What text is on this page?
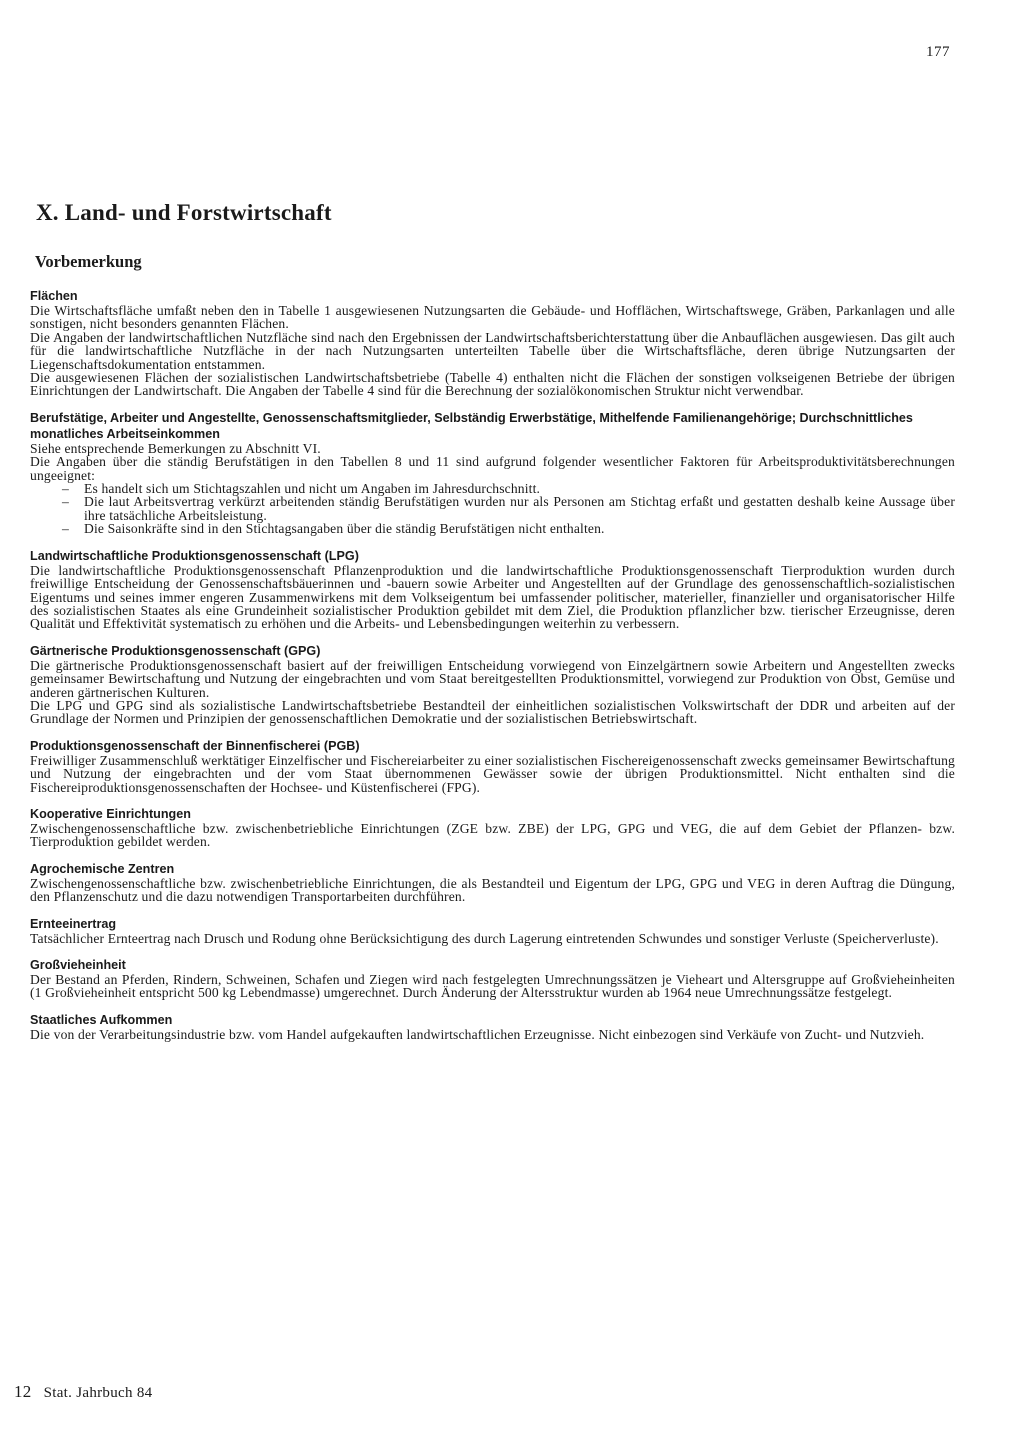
177
X. Land- und Forstwirtschaft
Vorbemerkung
Flächen

Die Wirtschaftsfläche umfaßt neben den in Tabelle 1 ausgewiesenen Nutzungsarten die Gebäude- und Hofflächen, Wirtschaftswege, Gräben, Parkanlagen und alle sonstigen, nicht besonders genannten Flächen.

Die Angaben der landwirtschaftlichen Nutzfläche sind nach den Ergebnissen der Landwirtschaftsberichterstattung über die Anbauflächen ausgewiesen. Das gilt auch für die landwirtschaftliche Nutzfläche in der nach Nutzungsarten unterteilten Tabelle über die Wirtschaftsfläche, deren übrige Nutzungsarten der Liegenschaftsdokumentation entstammen.

Die ausgewiesenen Flächen der sozialistischen Landwirtschaftsbetriebe (Tabelle 4) enthalten nicht die Flächen der sonstigen volkseigenen Betriebe der übrigen Einrichtungen der Landwirtschaft. Die Angaben der Tabelle 4 sind für die Berechnung der sozialökonomischen Struktur nicht verwendbar.

Berufstätige, Arbeiter und Angestellte, Genossenschaftsmitglieder, Selbständig Erwerbstätige, Mithelfende Familienangehörige; Durchschnittliches monatliches Arbeitseinkommen

Siehe entsprechende Bemerkungen zu Abschnitt VI.

Die Angaben über die ständig Berufstätigen in den Tabellen 8 und 11 sind aufgrund folgender wesentlicher Faktoren für Arbeitsproduktivitätsberechnungen ungeeignet:

– Es handelt sich um Stichtagszahlen und nicht um Angaben im Jahresdurchschnitt.
– Die laut Arbeitsvertrag verkürzt arbeitenden ständig Berufstätigen wurden nur als Personen am Stichtag erfaßt und gestatten deshalb keine Aussage über ihre tatsächliche Arbeitsleistung.
– Die Saisonkräfte sind in den Stichtagsangaben über die ständig Berufstätigen nicht enthalten.
Landwirtschaftliche Produktionsgenossenschaft (LPG)

Die landwirtschaftliche Produktionsgenossenschaft Pflanzenproduktion und die landwirtschaftliche Produktionsgenossenschaft Tierproduktion wurden durch freiwillige Entscheidung der Genossenschaftsbäuerinnen und -bauern sowie Arbeiter und Angestellten auf der Grundlage des genossenschaftlich-sozialistischen Eigentums und seines immer engeren Zusammenwirkens mit dem Volkseigentum bei umfassender politischer, materieller, finanzieller und organisatorischer Hilfe des sozialistischen Staates als eine Grundeinheit sozialistischer Produktion gebildet mit dem Ziel, die Produktion pflanzlicher bzw. tierischer Erzeugnisse, deren Qualität und Effektivität systematisch zu erhöhen und die Arbeits- und Lebensbedingungen weiterhin zu verbessern.

Gärtnerische Produktionsgenossenschaft (GPG)

Die gärtnerische Produktionsgenossenschaft basiert auf der freiwilligen Entscheidung vorwiegend von Einzelgärtnern sowie Arbeitern und Angestellten zwecks gemeinsamer Bewirtschaftung und Nutzung der eingebrachten und vom Staat bereitgestellten Produktionsmittel, vorwiegend zur Produktion von Obst, Gemüse und anderen gärtnerischen Kulturen.

Die LPG und GPG sind als sozialistische Landwirtschaftsbetriebe Bestandteil der einheitlichen sozialistischen Volkswirtschaft der DDR und arbeiten auf der Grundlage der Normen und Prinzipien der genossenschaftlichen Demokratie und der sozialistischen Betriebswirtschaft.

Produktionsgenossenschaft der Binnenfischerei (PGB)

Freiwilliger Zusammenschluß werktätiger Einzelfischer und Fischereiarbeiter zu einer sozialistischen Fischereigenossenschaft zwecks gemeinsamer Bewirtschaftung und Nutzung der eingebrachten und der vom Staat übernommenen Gewässer sowie der übrigen Produktionsmittel. Nicht enthalten sind die Fischereiproduktionsgenossenschaften der Hochsee- und Küstenfischerei (FPG).

Kooperative Einrichtungen

Zwischengenossenschaftliche bzw. zwischenbetriebliche Einrichtungen (ZGE bzw. ZBE) der LPG, GPG und VEG, die auf dem Gebiet der Pflanzen- bzw. Tierproduktion gebildet werden.

Agrochemische Zentren

Zwischengenossenschaftliche bzw. zwischenbetriebliche Einrichtungen, die als Bestandteil und Eigentum der LPG, GPG und VEG in deren Auftrag die Düngung, den Pflanzenschutz und die dazu notwendigen Transportarbeiten durchführen.

Ernteeinertrag

Tatsächlicher Ernteertrag nach Drusch und Rodung ohne Berücksichtigung des durch Lagerung eintretenden Schwundes und sonstiger Verluste (Speicherverluste).

Großvieheinheit

Der Bestand an Pferden, Rindern, Schweinen, Schafen und Ziegen wird nach festgelegten Umrechnungssätzen je Vieheart und Altersgruppe auf Großvieheinheiten (1 Großvieheinheit entspricht 500 kg Lebendmasse) umgerechnet. Durch Änderung der Altersstruktur wurden ab 1964 neue Umrechnungssätze festgelegt.

Staatliches Aufkommen

Die von der Verarbeitungsindustrie bzw. vom Handel aufgekauften landwirtschaftlichen Erzeugnisse. Nicht einbezogen sind Verkäufe von Zucht- und Nutzvieh.

12 Stat. Jahrbuch 84
